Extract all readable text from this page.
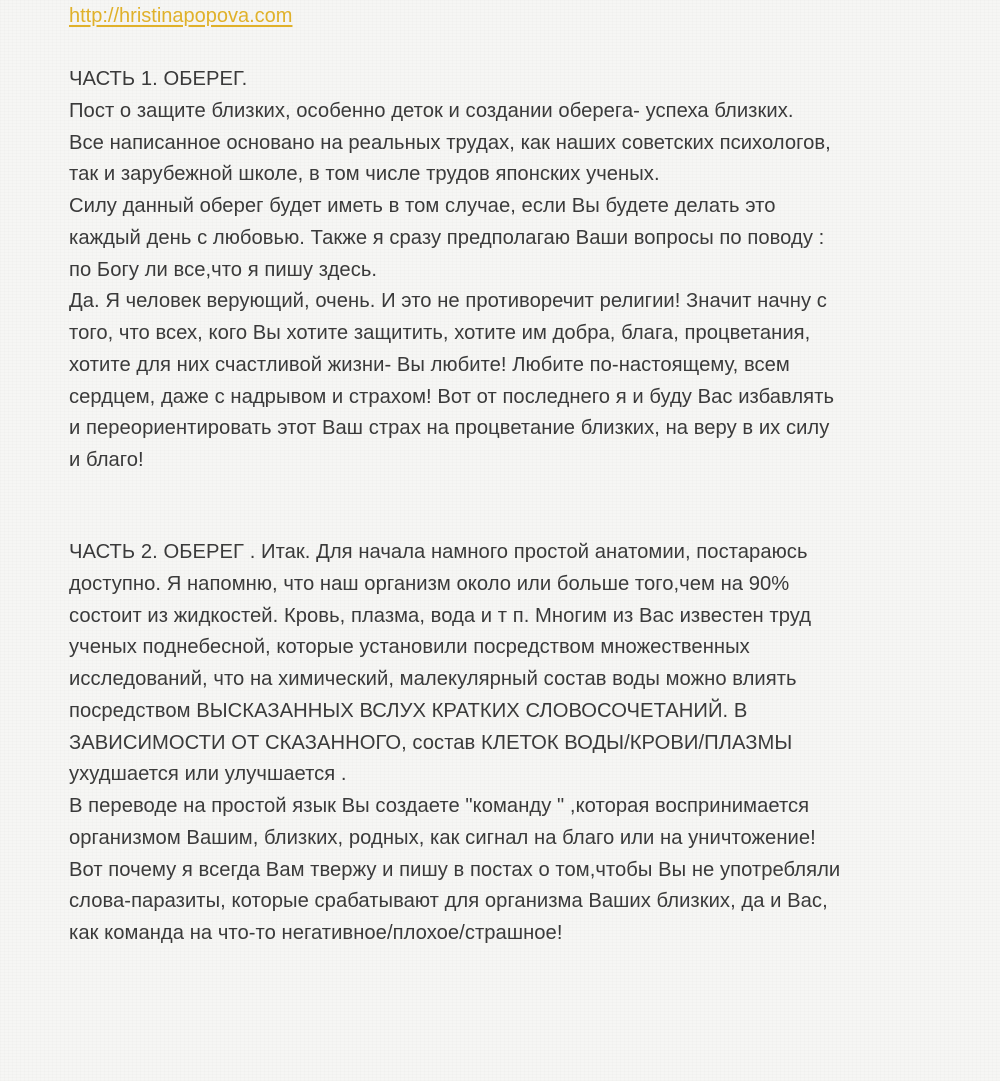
http://hristinapopova.com
ЧАСТЬ 1. ОБЕРЕГ.
Пост о защите близких, особенно деток и создании оберега- успеха близких.
Все написанное основано на реальных трудах, как наших советских психологов,
так и зарубежной школе, в том числе трудов японских ученых.
Силу данный оберег будет иметь в том случае, если Вы будете делать это
каждый день с любовью. Также я сразу предполагаю Ваши вопросы по поводу :
по Богу ли все,что я пишу здесь.
Да. Я человек верующий, очень. И это не противоречит религии! Значит начну с
того, что всех, кого Вы хотите защитить, хотите им добра, блага, процветания,
хотите для них счастливой жизни- Вы любите! Любите по-настоящему, всем
сердцем, даже с надрывом и страхом! Вот от последнего я и буду Вас избавлять
и переориентировать этот Ваш страх на процветание близких, на веру в их силу
и благо!
ЧАСТЬ 2. ОБЕРЕГ . Итак. Для начала намного простой анатомии, постараюсь
доступно. Я напомню, что наш организм около или больше того,чем на 90%
состоит из жидкостей. Кровь, плазма, вода и т п. Многим из Вас известен труд
ученых поднебесной, которые установили посредством множественных
исследований, что на химический, малекулярный состав воды можно влиять
посредством ВЫСКАЗАННЫХ ВСЛУХ КРАТКИХ СЛОВОСОЧЕТАНИЙ. В
ЗАВИСИМОСТИ ОТ СКАЗАННОГО, состав КЛЕТОК ВОДЫ/КРОВИ/ПЛАЗМЫ
ухудшается или улучшается .
В переводе на простой язык Вы создаете "команду " ,которая воспринимается
организмом Вашим, близких, родных, как сигнал на благо или на уничтожение!
Вот почему я всегда Вам твержу и пишу в постах о том,чтобы Вы не употребляли
слова-паразиты, которые срабатывают для организма Ваших близких, да и Вас,
как команда на что-то негативное/плохое/страшное!
